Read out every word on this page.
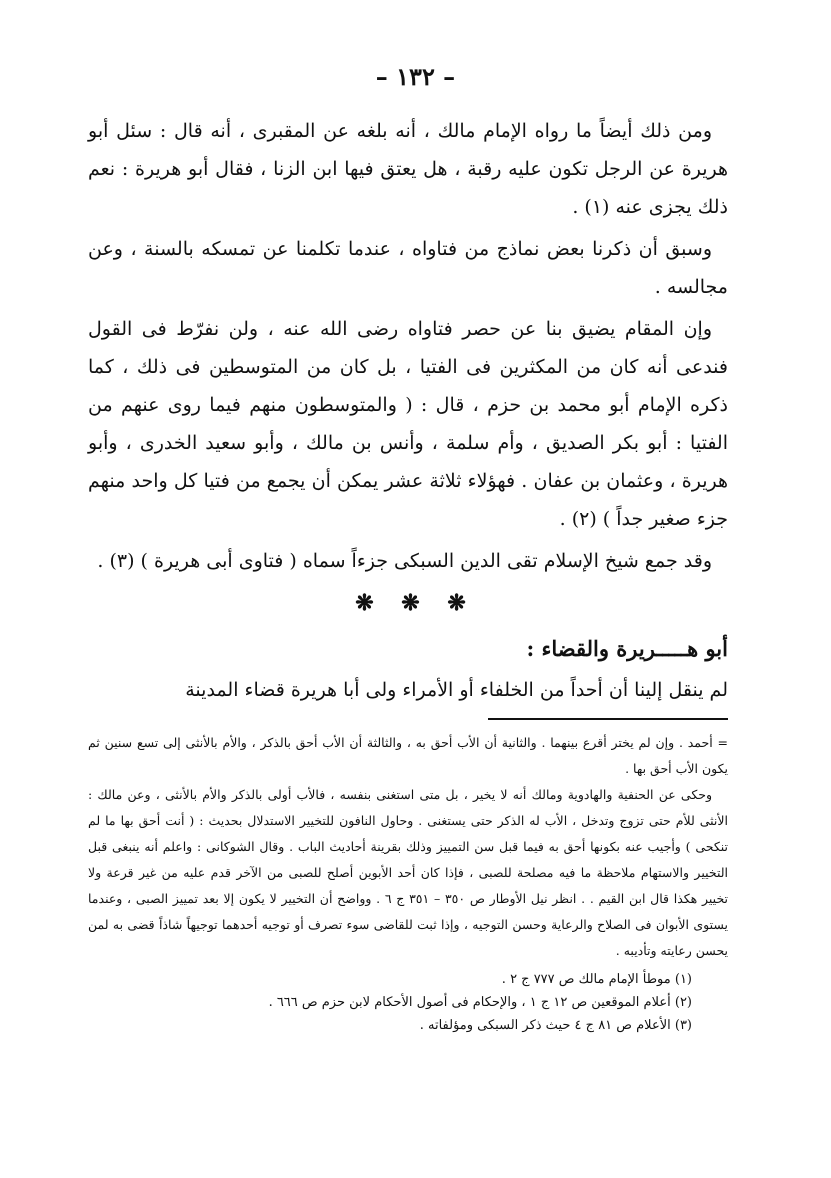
– ١٣٢ –

ومن ذلك أيضاً ما رواه الإمام مالك ، أنه بلغه عن المقبرى ، أنه قال : سئل أبو هريرة عن الرجل تكون عليه رقبة ، هل يعتق فيها ابن الزنا ، فقال أبو هريرة : نعم ذلك يجزى عنه (١) .

وسبق أن ذكرنا بعض نماذج من فتاواه ، عندما تكلمنا عن تمسكه بالسنة ، وعن مجالسه .

وإن المقام يضيق بنا عن حصر فتاواه رضى الله عنه ، ولن نفرّط فى القول فندعى أنه كان من المكثرين فى الفتيا ، بل كان من المتوسطين فى ذلك ، كما ذكره الإمام أبو محمد بن حزم ، قال : ( والمتوسطون منهم فيما روى عنهم من الفتيا : أبو بكر الصديق ، وأم سلمة ، وأنس بن مالك ، وأبو سعيد الخدرى ، وأبو هريرة ، وعثمان بن عفان . فهؤلاء ثلاثة عشر يمكن أن يجمع من فتيا كل واحد منهم جزء صغير جداً ) (٢) .

وقد جمع شيخ الإسلام تقى الدين السبكى جزءاً سماه ( فتاوى أبى هريرة ) (٣) .

❋ ❋ ❋
أبو هـــــريرة والقضاء :
لم ينقل إلينا أن أحداً من الخلفاء أو الأمراء ولى أبا هريرة قضاء المدينة

= أحمد . وإن لم يختر أقرع بينهما . والثانية أن الأب أحق به ، والثالثة أن الأب أحق بالذكر ، والأم بالأنثى إلى تسع سنين ثم يكون الأب أحق بها .

وحكى عن الحنفية والهادوية ومالك أنه لا يخير ، بل متى استغنى بنفسه ، فالأب أولى بالذكر والأم بالأنثى ، وعن مالك : الأنثى للأم حتى تزوج وتدخل ، الأب له الذكر حتى يستغنى . وحاول النافون للتخيير الاستدلال بحديث : ( أنت أحق بها ما لم تنكحى ) وأجيب عنه بكونها أحق به فيما قبل سن التمييز وذلك بقرينة أحاديث الباب . وقال الشوكانى : واعلم أنه ينبغى قبل التخيير والاستهام ملاحظة ما فيه مصلحة للصبى ، فإذا كان أحد الأبوين أصلح للصبى من الآخر قدم عليه من غير قرعة ولا تخيير هكذا قال ابن القيم . . انظر نيل الأوطار ص ٣٥٠ – ٣٥١ ج ٦ . وواضح أن التخيير لا يكون إلا بعد تمييز الصبى ، وعندما يستوى الأبوان فى الصلاح والرعاية وحسن التوجيه ، وإذا ثبت للقاضى سوء تصرف أو توجيه أحدهما توجيهاً شاذاً قضى به لمن يحسن رعايته وتأديبه .

(١) موطأ الإمام مالك ص ٧٧٧ ج ٢ .
(٢) أعلام الموقعين ص ١٢ ج ١ ، والإحكام فى أصول الأحكام لابن حزم ص ٦٦٦ .
(٣) الأعلام ص ٨١ ج ٤ حيث ذكر السبكى ومؤلفاته .
